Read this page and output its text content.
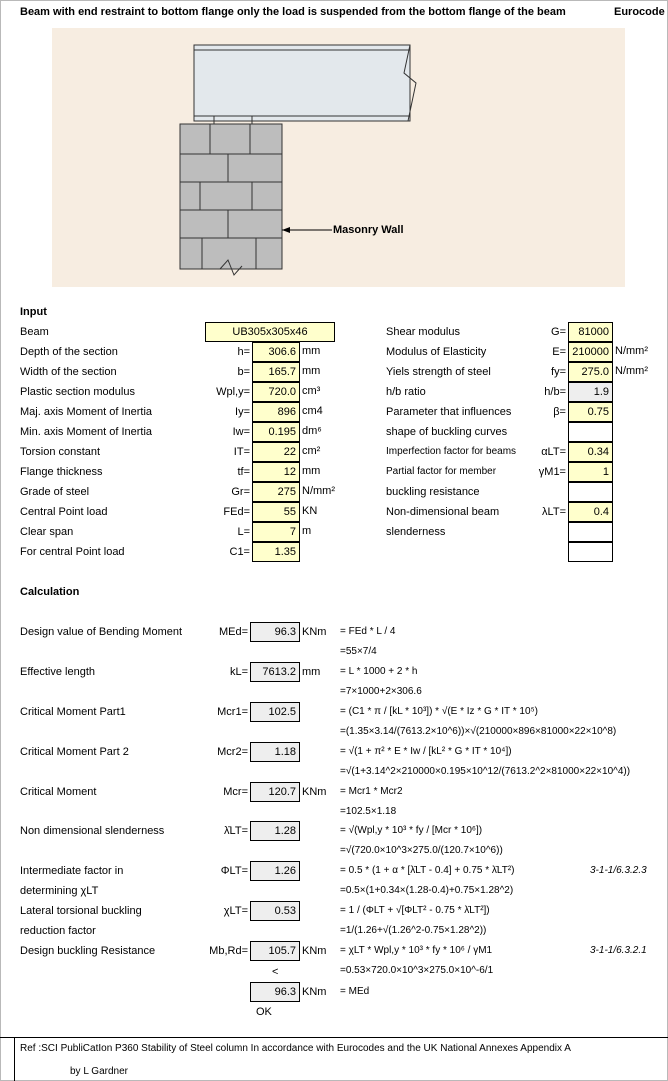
Beam with end restraint to bottom flange only the load is suspended from the bottom flange of the beam	Eurocode
Masonry Wall
Input
Beam	UB305x305x46
Depth of the section	h=	306.6 mm
Width of the section	b=	165.7 mm
Plastic section modulus	Wpl,y=	720.0 cm³
Maj. axis Moment of Inertia	Iy=	896 cm4
Min. axis Moment of Inertia	Iw=	0.195 dm⁶
Torsion constant	IT=	22 cm²
Flange thickness	tf=	12 mm
Grade of steel	Gr=	275 N/mm²
Central Point load	FEd=	55 KN
Clear span	L=	7 m
For central Point load	C1=	1.35
Shear modulus	G=	81000
Modulus of Elasticity	E= 210000 N/mm²
Yiels strength of steel	fy=	275.0 N/mm²
h/b ratio	h/b=	1.9
Parameter that influences	β=	0.75
shape of buckling curves
Imperfection factor for beams	αLT=	0.34
Partial factor for member	γM1=	1
buckling resistance
Non-dimensional beam	λLT=	0.4
slenderness
Calculation
Design value of Bending Moment	MEd=	96.3 KNm = FEd * L / 4
=55×7/4
Effective length	kL=	7613.2 mm = L * 1000 + 2 * h
=7×1000+2×306.6
Critical Moment Part1	Mcr1=	102.5	= (C1 * π / [kL * 10³]) * √(E * Iz * G * IT * 10⁵)
=(1.35×3.14/(7613.2×10^6))×√(210000×896×81000×22×10^8)
Critical Moment Part 2	Mcr2=	1.18	= √(1 + π² * E * Iw / [kL² * G * IT * 10⁴])
=√(1+3.14^2×210000×0.195×10^12/(7613.2^2×81000×22×10^4))
Critical Moment	Mcr=	120.7 KNm = Mcr1 * Mcr2
=102.5×1.18
Non dimensional slenderness	λ̄LT=	1.28	= √(Wpl,y * 10³ * fy / [Mcr * 10⁶])
=√(720.0×10^3×275.0/(120.7×10^6))
Intermediate factor in
determining χLT
ΦLT=	1.26	= 0.5 * (1 + α * [λ̄LT - 0.4] + 0.75 * λ̄LT²)
=0.5×(1+0.34×(1.28-0.4)+0.75×1.28^2)
3-1-1/6.3.2.3
Lateral torsional buckling
reduction factor
χLT=	0.53	= 1 / (ΦLT + √[ΦLT² - 0.75 * λ̄LT²])
=1/(1.26+√(1.26^2-0.75×1.28^2))
Design buckling Resistance	Mb,Rd=	105.7 KNm = χLT * Wpl,y * 10³ * fy * 10⁶ / γM1
=0.53×720.0×10^3×275.0×10^-6/1
3-1-1/6.3.2.1
<
96.3 KNm = MEd
OK
Ref :SCI PubliCatIon P360 Stability of Steel column In accordance with Eurocodes and the UK National Annexes Appendix A
by L Gardner
